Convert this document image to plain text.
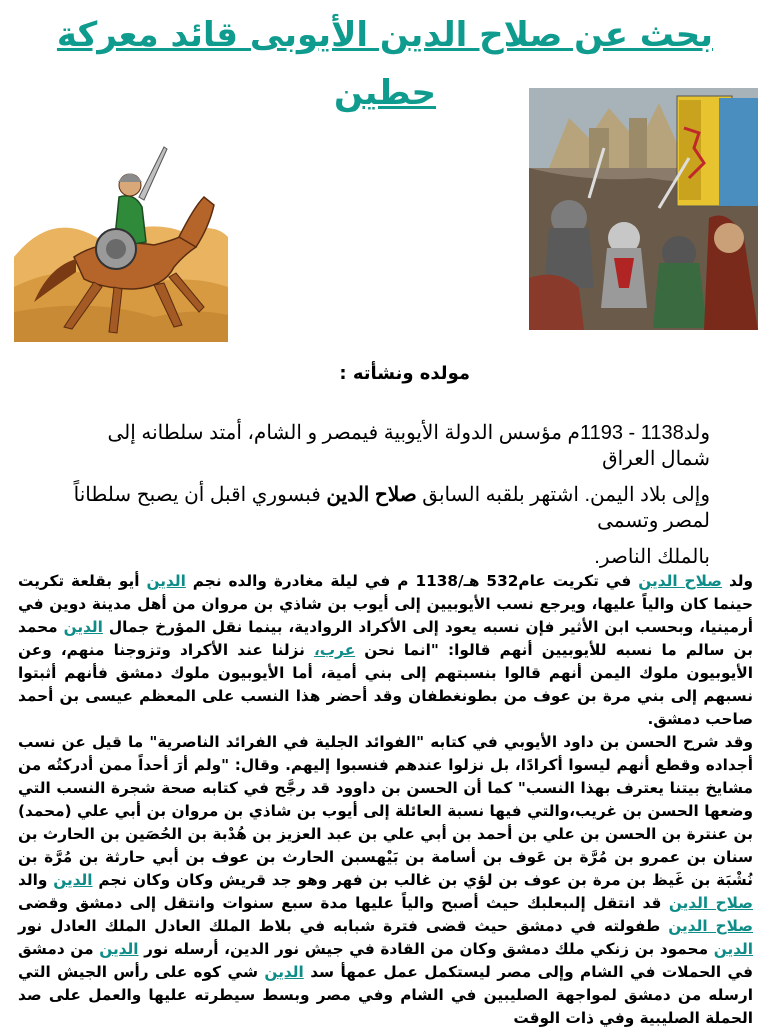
بحث عن صلاح الدين الأيوبى قائد معركة
حطين
مولده ونشأته :

ولد1138 - 1193م مؤسس الدولة الأيوبية فيمصر و الشام، أمتد سلطانه إلى شمال العراق

وإلى بلاد اليمن. اشتهر بلقبه السابق صلاح الدين فبسوري اقبل أن يصبح سلطاناً لمصر وتسمى

بالملك الناصر.

ولد صلاح الدين في تكريت عام532 هـ/1138 م في ليلة مغادرة والده نجم الدين أيو بقلعة تكريت حينما كان والياً عليها، ويرجع نسب الأيوبيين إلى أيوب بن شاذي بن مروان من أهل مدينة دوين في أرمينيا، وبحسب ابن الأثير فإن نسبه يعود إلى الأكراد الروادية، بينما نقل المؤرخ جمال الدين محمد بن سالم ما نسبه للأيوبيين أنهم قالوا: "انما نحن عرب، نزلنا عند الأكراد وتزوجنا منهم، وعن الأيوبيون ملوك اليمن أنهم قالوا بنسبتهم إلى بني أمية، أما الأيوبيون ملوك دمشق فأنهم أثبتوا نسبهم إلى بني مرة بن عوف من بطونغطفان وقد أحضر هذا النسب على المعظم عيسى بن أحمد صاحب دمشق.

وقد شرح الحسن بن داود الأيوبي في كتابه "الفوائد الجلية في الفرائد الناصرية" ما قيل عن نسب أجداده وقطع أنهم ليسوا أكرادًا، بل نزلوا عندهم فنسبوا إليهم. وقال: "ولم أرَ أحداً ممن أدركتُه من مشايخ بيتنا يعترف بهذا النسب" كما أن الحسن بن داوود قد رجَّح في كتابه صحة شجرة النسب التي وضعها الحسن بن غريب،والتي فيها نسبة العائلة إلى أيوب بن شاذي بن مروان بن أبي علي (محمد) بن عنترة بن الحسن بن علي بن أحمد بن أبي علي بن عبد العزيز بن هُدْبة بن الحُصَين بن الحارث بن سنان بن عمرو بن مُرَّة بن عَوف بن أسامة بن بَيْهسبن الحارث بن عوف بن أبي حارثة بن مُرَّة بن نُشْبَة بن غَيظ بن مرة بن عوف بن لؤي بن غالب بن فهر وهو جد قريش وكان وكان نجم الدين والد صلاح الدين قد انتقل إلىبعلبك حيث أصبح والياً عليها مدة سبع سنوات وانتقل إلى دمشق وقضى صلاح الدين طفولته في دمشق حيث قضى فترة شبابه في بلاط الملك العادل الملك العادل نور الدين محمود بن زنكي ملك دمشق وكان من القادة في جيش نور الدين، أرسله نور الدين من دمشق في الحملات في الشام وإلى مصر ليستكمل عمل عمهأ سد الدين شي كوه على رأس الجيش التي ارسله من دمشق لمواجهة الصليبين في الشام وفي مصر وبسط سيطرته عليها والعمل على صد الحملة الصليبية وفي ذات الوقت
